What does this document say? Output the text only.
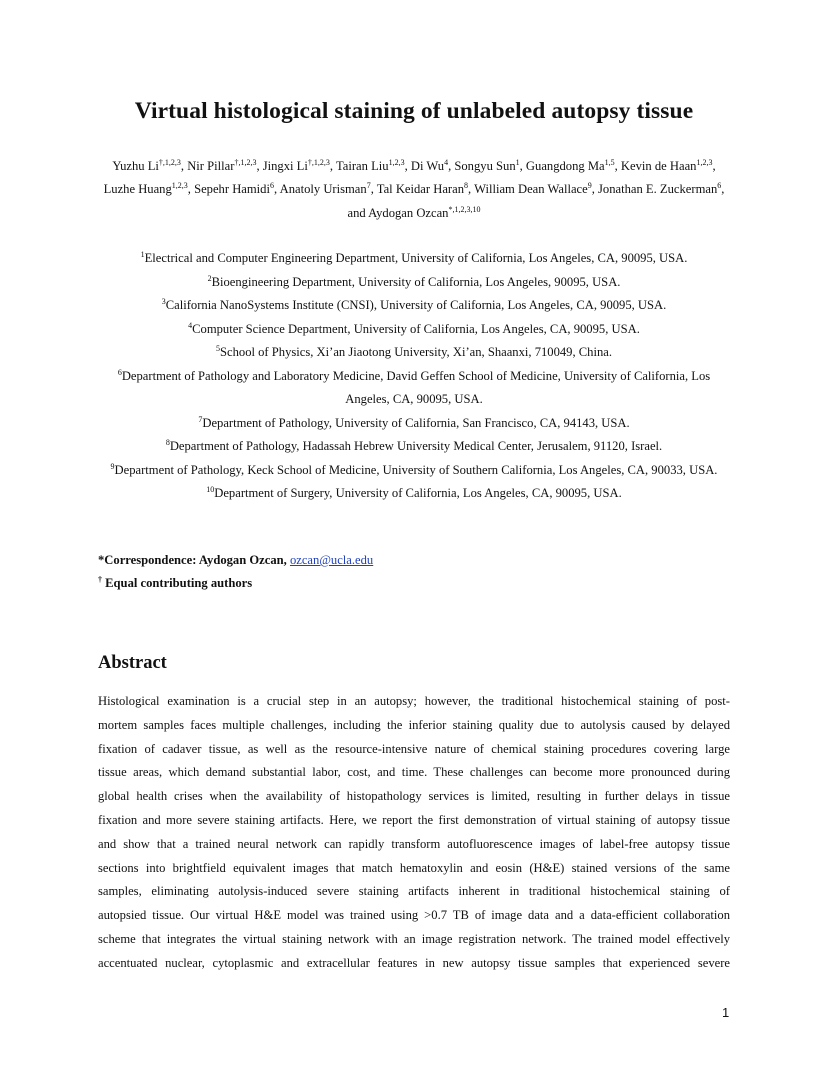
Virtual histological staining of unlabeled autopsy tissue
Yuzhu $Li^{\dagger,1,2,3}$, Nir Pillar$^{\dagger,1,2,3}$, Jingxi $Li^{\dagger,1,2,3}$, Tairan Liu$^{1,2,3}$, Di Wu$^4$, Songyu Sun$^1$, Guangdong Ma$^{1,5}$, Kevin de Haan$^{1,2,3}$, Luzhe Huang$^{1,2,3}$, Sepehr Hamidi$^6$, Anatoly Urisman$^7$, Tal Keidar Haran$^8$, William Dean Wallace$^9$, Jonathan E. Zuckerman$^6$, and Aydogan Ozcan$^{*,1,2,3,10}$
$^1$Electrical and Computer Engineering Department, University of California, Los Angeles, CA, 90095, USA.
$^2$Bioengineering Department, University of California, Los Angeles, 90095, USA.
$^3$California NanoSystems Institute (CNSI), University of California, Los Angeles, CA, 90095, USA.
$^4$Computer Science Department, University of California, Los Angeles, CA, 90095, USA.
$^5$School of Physics, Xi’an Jiaotong University, Xi’an, Shaanxi, 710049, China.
$^6$Department of Pathology and Laboratory Medicine, David Geffen School of Medicine, University of California, Los Angeles, CA, 90095, USA.
$^7$Department of Pathology, University of California, San Francisco, CA, 94143, USA.
$^8$Department of Pathology, Hadassah Hebrew University Medical Center, Jerusalem, 91120, Israel.
$^9$Department of Pathology, Keck School of Medicine, University of Southern California, Los Angeles, CA, 90033, USA.
$^{10}$Department of Surgery, University of California, Los Angeles, CA, 90095, USA.
*Correspondence: Aydogan Ozcan, ozcan@ucla.edu
† Equal contributing authors
Abstract
Histological examination is a crucial step in an autopsy; however, the traditional histochemical staining of post-
mortem samples faces multiple challenges, including the inferior staining quality due to autolysis caused by delayed
fixation of cadaver tissue, as well as the resource-intensive nature of chemical staining procedures covering large
tissue areas, which demand substantial labor, cost, and time. These challenges can become more pronounced during
global health crises when the availability of histopathology services is limited, resulting in further delays in tissue
fixation and more severe staining artifacts. Here, we report the first demonstration of virtual staining of autopsy tissue
and show that a trained neural network can rapidly transform autofluorescence images of label-free autopsy tissue
sections into brightfield equivalent images that match hematoxylin and eosin (H&E) stained versions of the same
samples, eliminating autolysis-induced severe staining artifacts inherent in traditional histochemical staining of
autopsied tissue. Our virtual H&E model was trained using >0.7 TB of image data and a data-efficient collaboration
scheme that integrates the virtual staining network with an image registration network. The trained model effectively
accentuated nuclear, cytoplasmic and extracellular features in new autopsy tissue samples that experienced severe
1
